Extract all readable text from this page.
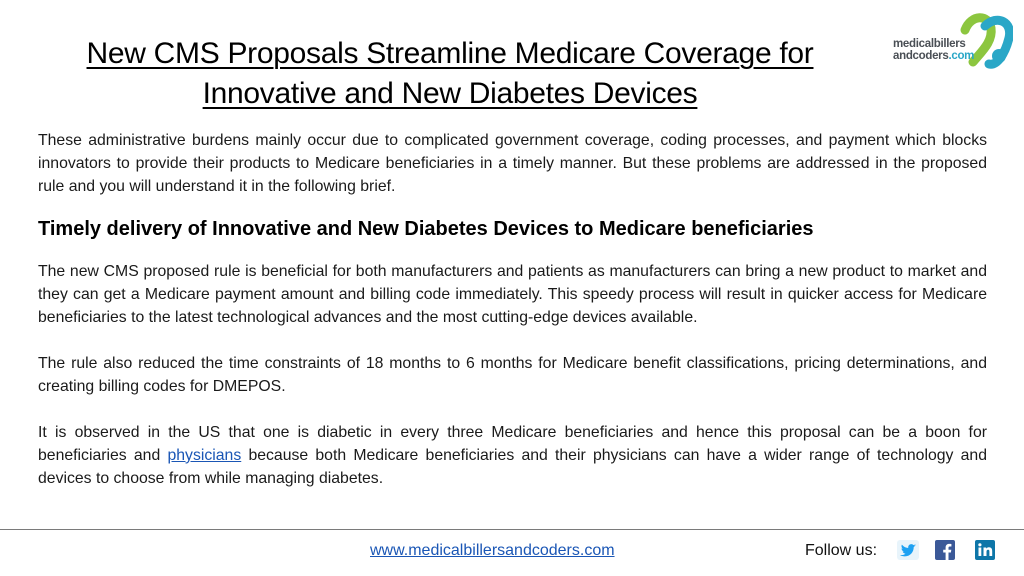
New CMS Proposals Streamline Medicare Coverage for
Innovative and New Diabetes Devices
medicalbillers
andcoders.com

These administrative burdens mainly occur due to complicated government coverage, coding processes, and payment which blocks innovators to provide their products to Medicare beneficiaries in a timely manner. But these problems are addressed in the proposed rule and you will understand it in the following brief.

Timely delivery of Innovative and New Diabetes Devices to Medicare beneficiaries

The new CMS proposed rule is beneficial for both manufacturers and patients as manufacturers can bring a new product to market and they can get a Medicare payment amount and billing code immediately. This speedy process will result in quicker access for Medicare beneficiaries to the latest technological advances and the most cutting-edge devices available.

The rule also reduced the time constraints of 18 months to 6 months for Medicare benefit classifications, pricing determinations, and creating billing codes for DMEPOS.

It is observed in the US that one is diabetic in every three Medicare beneficiaries and hence this proposal can be a boon for beneficiaries and physicians because both Medicare beneficiaries and their physicians can have a wider range of technology and devices to choose from while managing diabetes.

www.medicalbillersandcoders.com	Follow us:
